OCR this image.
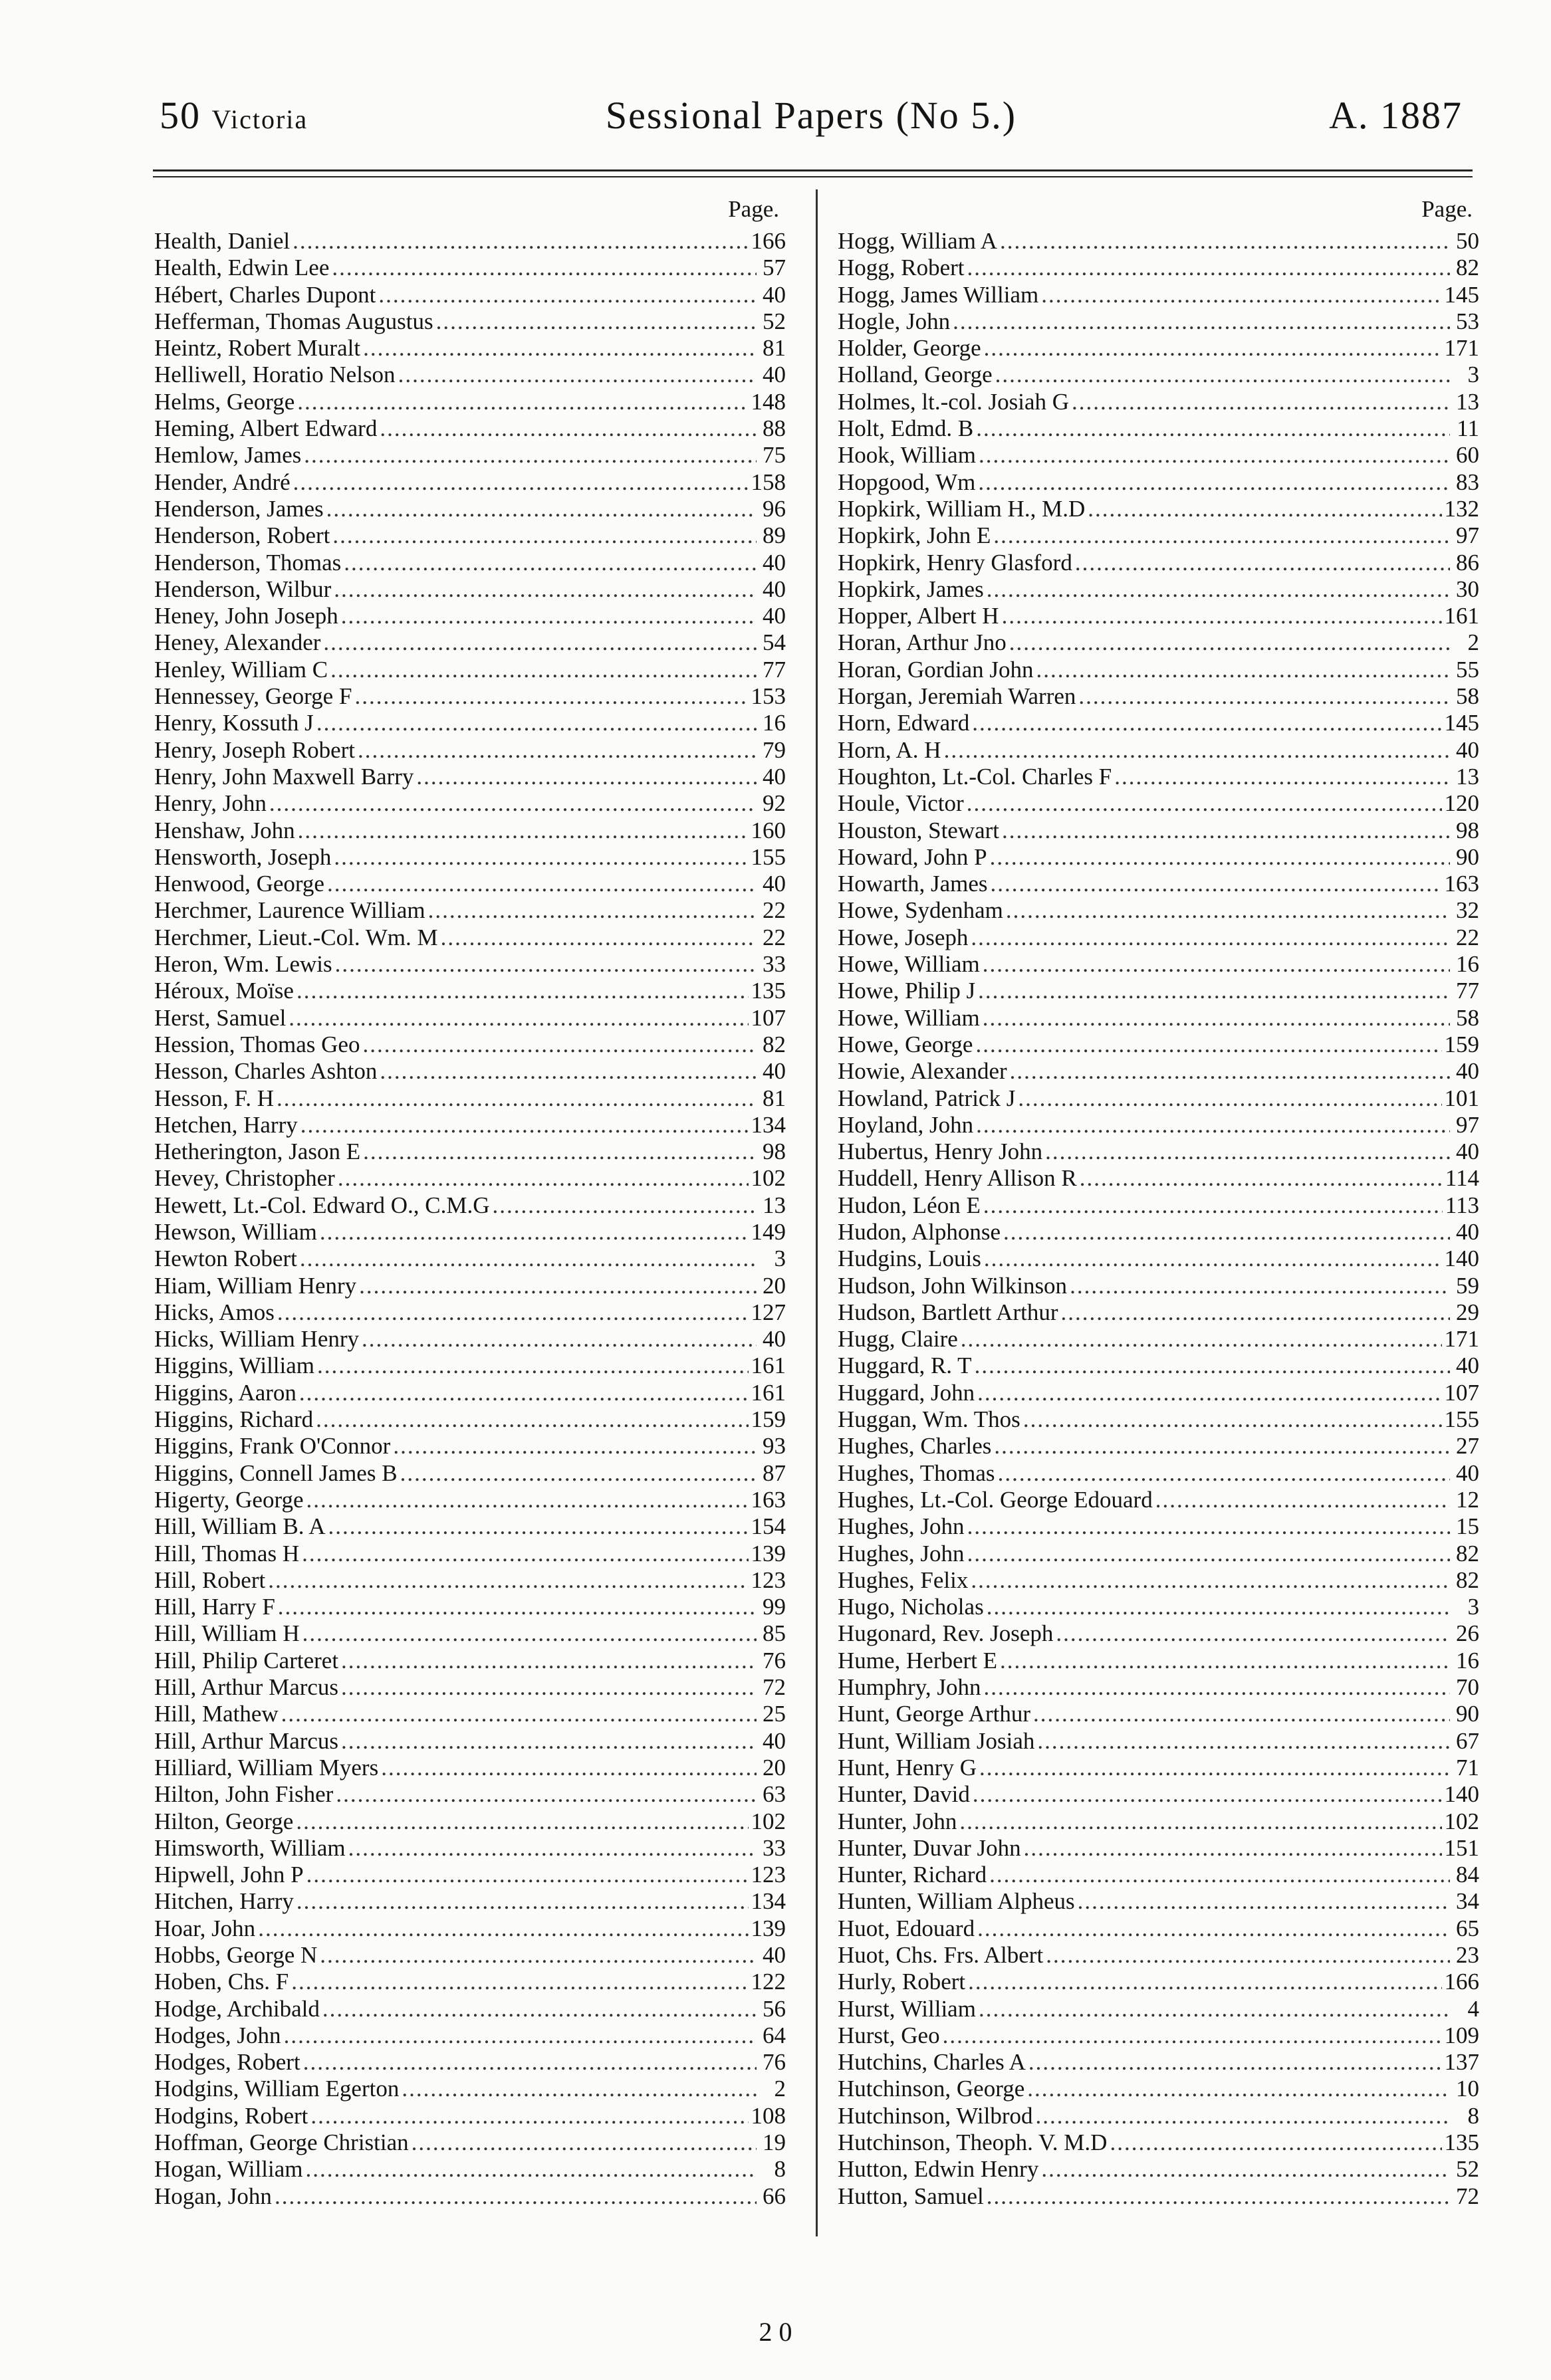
50 Victoria	Sessional Papers (No 5.)	A. 1887
Page.
Health, Daniel .....	166
Health, Edwin Lee .....	57
Hébert, Charles Dupont .....	40
Hefferman, Thomas Augustus .....	52
Heintz, Robert Muralt .....	81
Helliwell, Horatio Nelson .....	40
Helms, George .....	148
Heming, Albert Edward .....	88
Hemlow, James .....	75
Hender, André .....	158
Henderson, James .....	96
Henderson, Robert .....	89
Henderson, Thomas .....	40
Henderson, Wilbur .....	40
Heney, John Joseph .....	40
Heney, Alexander .....	54
Henley, William C .....	77
Hennessey, George F .....	153
Henry, Kossuth J .....	16
Henry, Joseph Robert .....	79
Henry, John Maxwell Barry .....	40
Henry, John .....	92
Henshaw, John .....	160
Hensworth, Joseph .....	155
Henwood, George .....	40
Herchmer, Laurence William .....	22
Herchmer, Lieut.-Col. Wm. M .....	22
Heron, Wm. Lewis .....	33
Héroux, Moïse .....	135
Herst, Samuel .....	107
Hession, Thomas Geo .....	82
Hesson, Charles Ashton .....	40
Hesson, F. H .....	81
Hetchen, Harry .....	134
Hetherington, Jason E .....	98
Hevey, Christopher .....	102
Hewett, Lt.-Col. Edward O., C.M.G .....	13
Hewson, William .....	149
Hewton Robert .....	3
Hiam, William Henry .....	20
Hicks, Amos .....	127
Hicks, William Henry .....	40
Higgins, William .....	161
Higgins, Aaron .....	161
Higgins, Richard .....	159
Higgins, Frank O'Connor .....	93
Higgins, Connell James B .....	87
Higerty, George .....	163
Hill, William B. A .....	154
Hill, Thomas H .....	139
Hill, Robert .....	123
Hill, Harry F .....	99
Hill, William H .....	85
Hill, Philip Carteret .....	76
Hill, Arthur Marcus .....	72
Hill, Mathew .....	25
Hill, Arthur Marcus .....	40
Hilliard, William Myers .....	20
Hilton, John Fisher .....	63
Hilton, George .....	102
Himsworth, William .....	33
Hipwell, John P .....	123
Hitchen, Harry .....	134
Hoar, John .....	139
Hobbs, George N .....	40
Hoben, Chs. F .....	122
Hodge, Archibald .....	56
Hodges, John .....	64
Hodges, Robert .....	76
Hodgins, William Egerton .....	2
Hodgins, Robert .....	108
Hoffman, George Christian .....	19
Hogan, William .....	8
Hogan, John .....	66
Page.
Hogg, William A .....	50
Hogg, Robert .....	82
Hogg, James William .....	145
Hogle, John .....	53
Holder, George .....	171
Holland, George .....	3
Holmes, lt.-col. Josiah G .....	13
Holt, Edmd. B .....	11
Hook, William .....	60
Hopgood, Wm .....	83
Hopkirk, William H., M.D .....	132
Hopkirk, John E .....	97
Hopkirk, Henry Glasford .....	86
Hopkirk, James .....	30
Hopper, Albert H .....	161
Horan, Arthur Jno .....	2
Horan, Gordian John .....	55
Horgan, Jeremiah Warren .....	58
Horn, Edward .....	145
Horn, A. H .....	40
Houghton, Lt.-Col. Charles F .....	13
Houle, Victor .....	120
Houston, Stewart .....	98
Howard, John P .....	90
Howarth, James .....	163
Howe, Sydenham .....	32
Howe, Joseph .....	22
Howe, William .....	16
Howe, Philip J .....	77
Howe, William .....	58
Howe, George .....	159
Howie, Alexander .....	40
Howland, Patrick J .....	101
Hoyland, John .....	97
Hubertus, Henry John .....	40
Huddell, Henry Allison R .....	114
Hudon, Léon E .....	113
Hudon, Alphonse .....	40
Hudgins, Louis .....	140
Hudson, John Wilkinson .....	59
Hudson, Bartlett Arthur .....	29
Hugg, Claire .....	171
Huggard, R. T .....	40
Huggard, John .....	107
Huggan, Wm. Thos .....	155
Hughes, Charles .....	27
Hughes, Thomas .....	40
Hughes, Lt.-Col. George Edouard .....	12
Hughes, John .....	15
Hughes, John .....	82
Hughes, Felix .....	82
Hugo, Nicholas .....	3
Hugonard, Rev. Joseph .....	26
Hume, Herbert E .....	16
Humphry, John .....	70
Hunt, George Arthur .....	90
Hunt, William Josiah .....	67
Hunt, Henry G .....	71
Hunter, David .....	140
Hunter, John .....	102
Hunter, Duvar John .....	151
Hunter, Richard .....	84
Hunten, William Alpheus .....	34
Huot, Edouard .....	65
Huot, Chs. Frs. Albert .....	23
Hurly, Robert .....	166
Hurst, William .....	4
Hurst, Geo .....	109
Hutchins, Charles A .....	137
Hutchinson, George .....	10
Hutchinson, Wilbrod .....	8
Hutchinson, Theoph. V. M.D .....	135
Hutton, Edwin Henry .....	52
Hutton, Samuel .....	72
2 0
